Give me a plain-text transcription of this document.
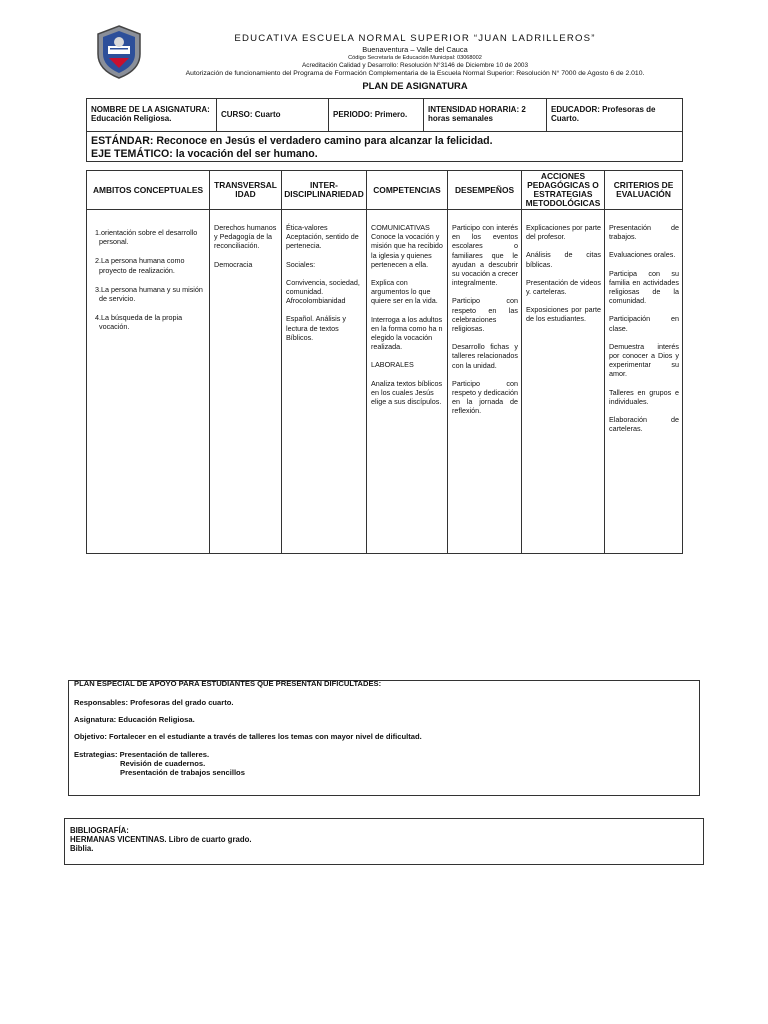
EDUCATIVA ESCUELA NORMAL SUPERIOR “JUAN LADRILLEROS”
Buenaventura – Valle del Cauca
Código Secretaría de Educación Municipal: 03068002
Acreditación Calidad y Desarrollo: Resolución N°3146 de Diciembre 10 de 2003
Autorización de funcionamiento del Programa de Formación Complementaria de la Escuela Normal Superior: Resolución N° 7000 de Agosto 6 de 2.010.
PLAN DE ASIGNATURA
NOMBRE DE LA ASIGNATURA: Educación Religiosa.	CURSO: Cuarto	PERIODO: Primero.
INTENSIDAD HORARIA: 2 horas semanales
EDUCADOR: Profesoras de Cuarto.
ESTÁNDAR: Reconoce en Jesús el verdadero camino para alcanzar la felicidad.
EJE TEMÁTICO: la vocación del ser humano.
AMBITOS CONCEPTUALES

1.orientación sobre el desarrollo personal.

2.La persona humana como proyecto de realización.

3.La persona humana y su misión de servicio.

4.La búsqueda de la propia vocación.

TRANSVERSAL IDAD

Derechos humanos y Pedagogía de la reconciliación.

Democracia

INTER-DISCIPLINARIEDAD

Ética-valores Aceptación, sentido de pertenecia.

Sociales:

Convivencia, sociedad, comunidad. Afrocolombianidad

Español. Análisis y lectura de textos Bíblicos.

COMPETENCIAS

COMUNICATIVAS Conoce la vocación y misión que ha recibido la iglesia y quienes pertenecen a ella.

Explica con argumentos lo que quiere ser en la vida.

Interroga a los adultos en la forma como ha n elegido la vocación realizada.

LABORALES

Analiza textos bíblicos en los cuales Jesús elige a sus discípulos.

DESEMPEÑOS

Participo con interés en los eventos escolares o familiares que le ayudan a descubrir su vocación a crecer integralmente.

Participo con respeto en las celebraciones religiosas.

Desarrollo fichas y talleres relacionados con la unidad.

Participo con respeto y dedicación en la jornada de reflexión.

ACCIONES PEDAGÓGICAS O ESTRATEGIAS METODOLÓGICAS

Explicaciones por parte del profesor.

Análisis de citas bíblicas.

Presentación de videos y. carteleras.

Exposiciones por parte de los estudiantes.

CRITERIOS DE EVALUACIÓN

Presentación de trabajos.

Evaluaciones orales.

Participa con su familia en actividades religiosas de la comunidad.

Participación en clase.

Demuestra interés por conocer a Dios y experimentar su amor.

Talleres en grupos e individuales.

Elaboración de carteleras.

PLAN ESPECIAL DE APOYO PARA ESTUDIANTES QUE PRESENTAN DIFICULTADES:
Responsables: Profesoras del grado cuarto.
Asignatura: Educación Religiosa.
Objetivo: Fortalecer en el estudiante a través de talleres los temas con mayor nivel de dificultad.
Estrategias: Presentación de talleres.
Revisión de cuadernos.
Presentación de trabajos sencillos
BIBLIOGRAFÍA:
HERMANAS VICENTINAS. Libro de cuarto grado.
Biblia.
